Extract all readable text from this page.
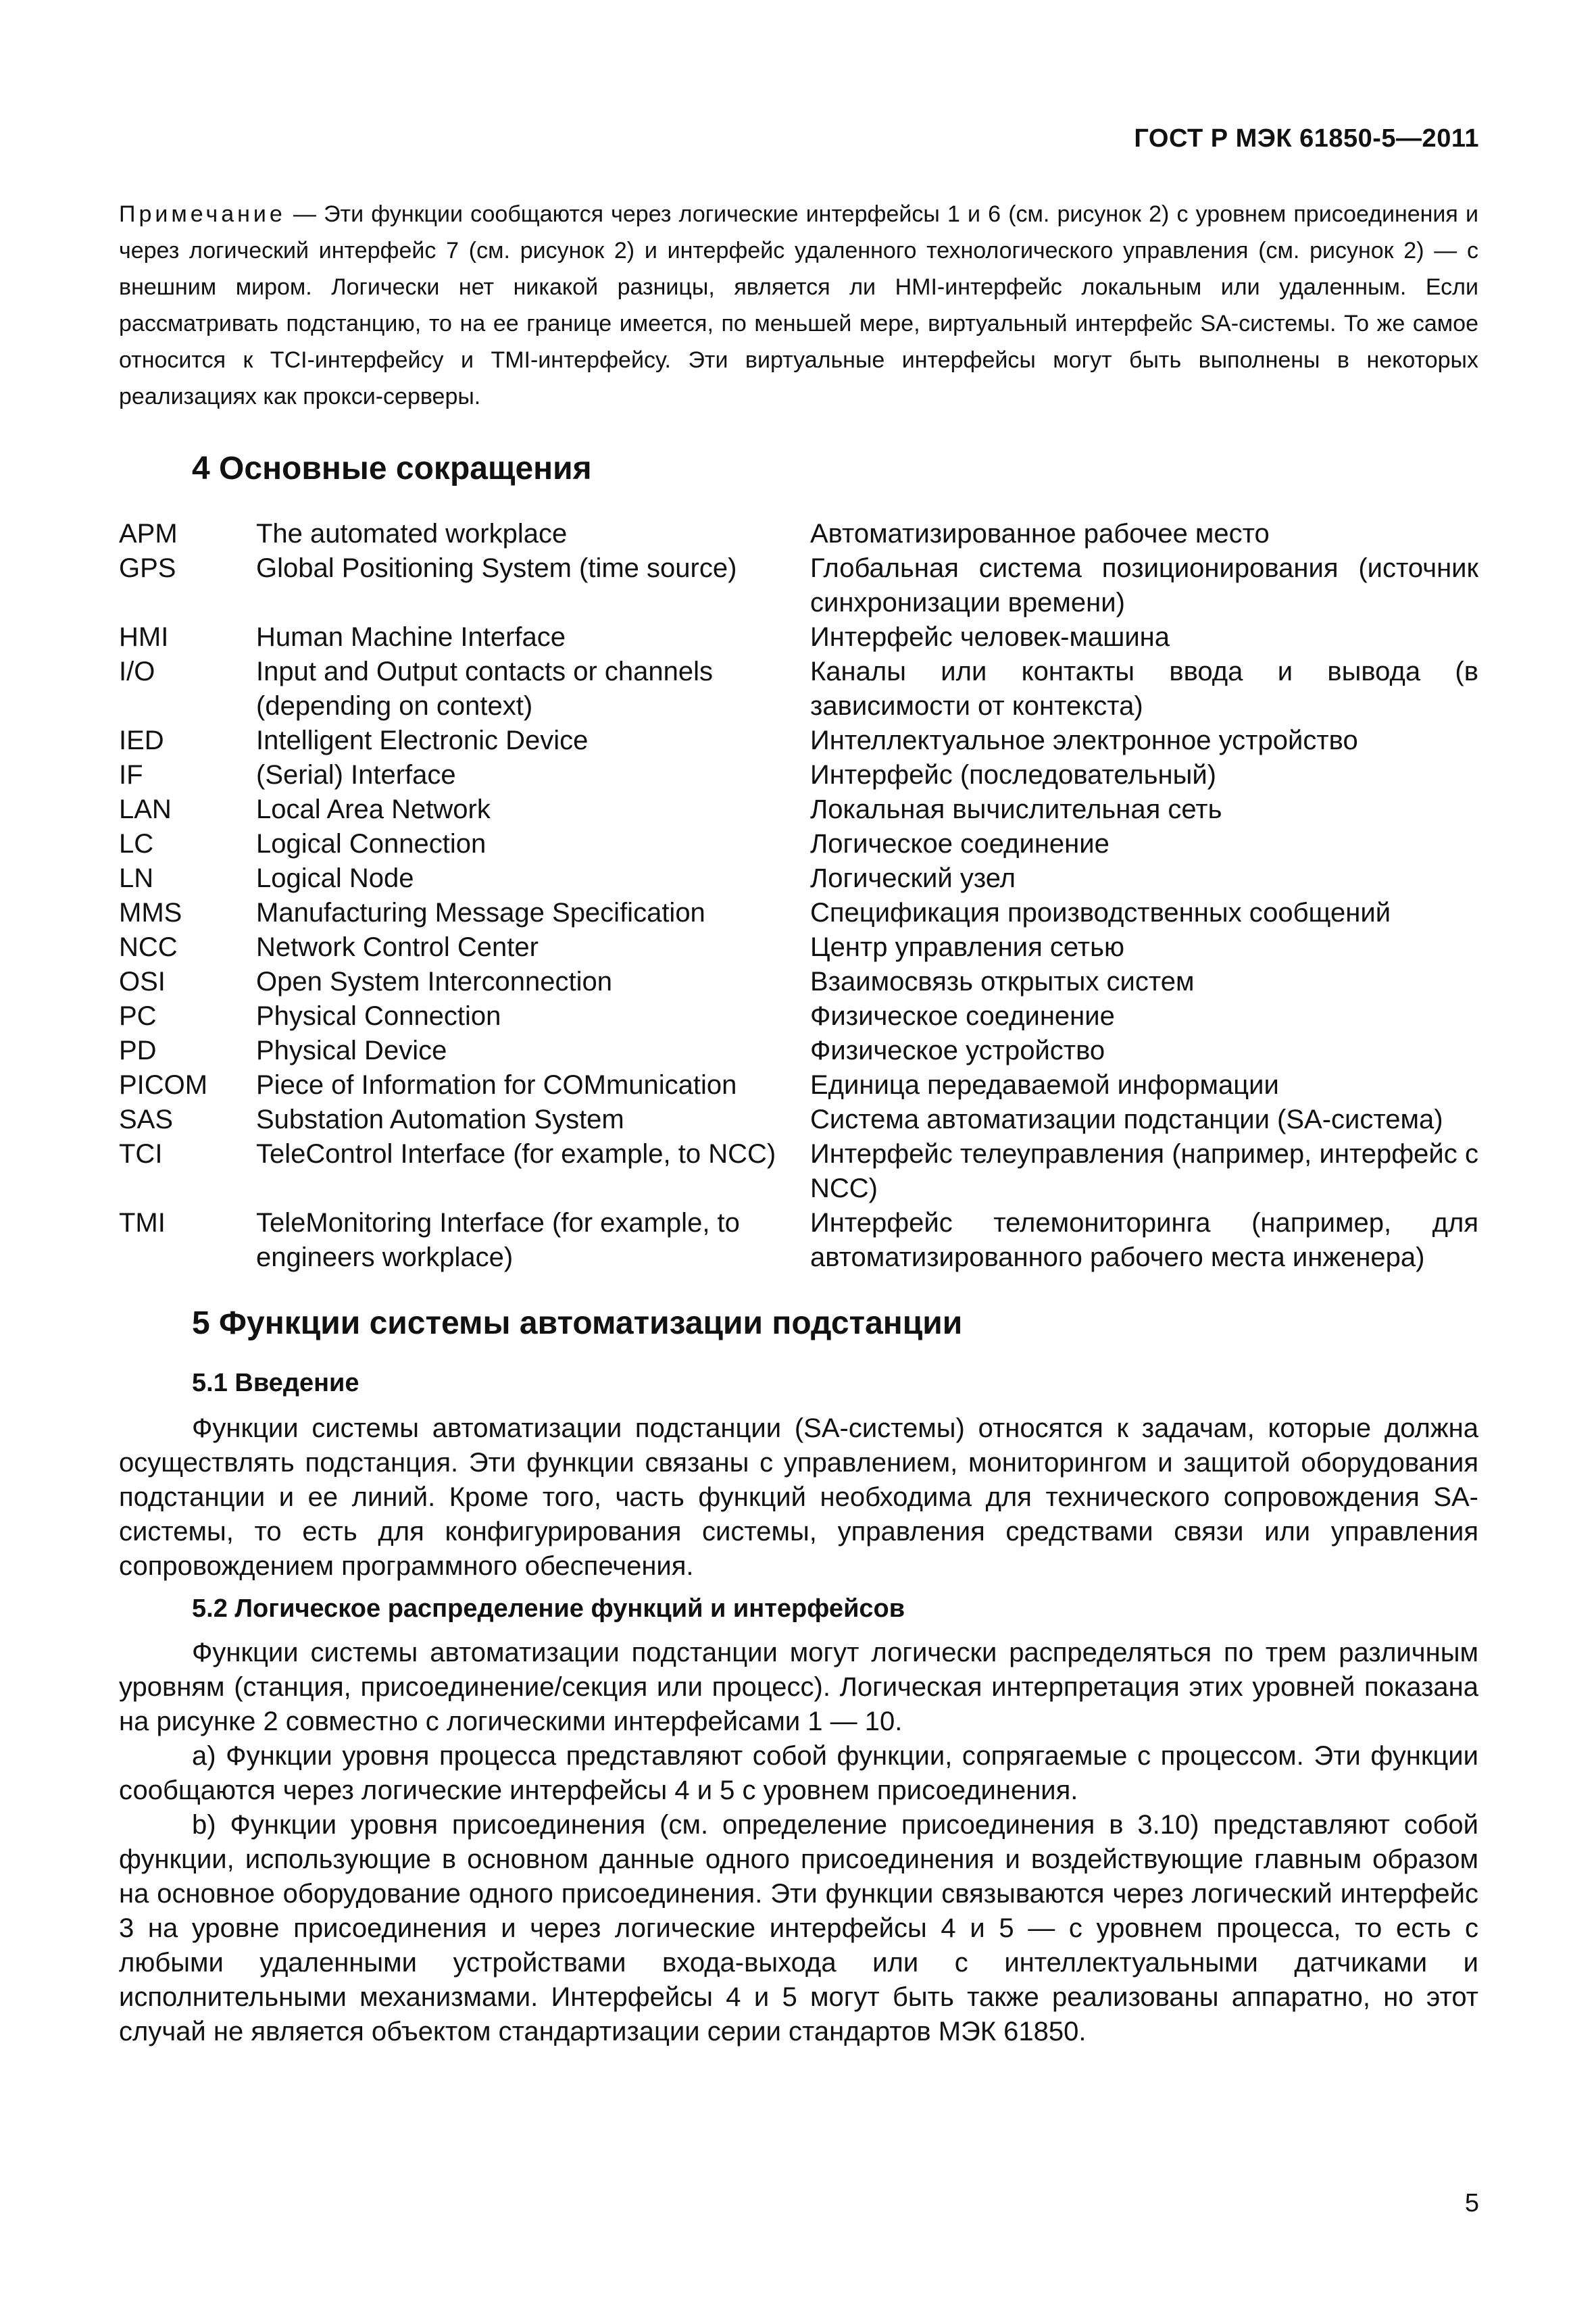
ГОСТ Р МЭК 61850-5—2011

Примечание — Эти функции сообщаются через логические интерфейсы 1 и 6 (см. рисунок 2) с уровнем присоединения и через логический интерфейс 7 (см. рисунок 2) и интерфейс удаленного технологического управления (см. рисунок 2) — с внешним миром. Логически нет никакой разницы, является ли HMI-интерфейс локальным или удаленным. Если рассматривать подстанцию, то на ее границе имеется, по меньшей мере, виртуальный интерфейс SA-системы. То же самое относится к TCI-интерфейсу и TMI-интерфейсу. Эти виртуальные интерфейсы могут быть выполнены в некоторых реализациях как прокси-серверы.

4 Основные сокращения
APM	The automated workplace	Автоматизированное рабочее место
GPS	Global Positioning System (time source)	Глобальная система позиционирования (источник синхронизации времени)
HMI	Human Machine Interface	Интерфейс человек-машина
I/O	Input and Output contacts or channels (depending on context)	Каналы или контакты ввода и вывода (в зависимости от контекста)
IED	Intelligent Electronic Device	Интеллектуальное электронное устройство
IF	(Serial) Interface	Интерфейс (последовательный)
LAN	Local Area Network	Локальная вычислительная сеть
LC	Logical Connection	Логическое соединение
LN	Logical Node	Логический узел
MMS	Manufacturing Message Specification	Спецификация производственных сообщений
NCC	Network Control Center	Центр управления сетью
OSI	Open System Interconnection	Взаимосвязь открытых систем
PC	Physical Connection	Физическое соединение
PD	Physical Device	Физическое устройство
PICOM	Piece of Information for COMmunication	Единица передаваемой информации
SAS	Substation Automation System	Система автоматизации подстанции (SA-система)
TCI	TeleControl Interface (for example, to NCC)	Интерфейс телеуправления (например, интерфейс с NCC)
TMI	TeleMonitoring Interface (for example, to engineers workplace)	Интерфейс телемониторинга (например, для автоматизированного рабочего места инженера)
5 Функции системы автоматизации подстанции
5.1 Введение

Функции системы автоматизации подстанции (SA-системы) относятся к задачам, которые должна осуществлять подстанция. Эти функции связаны с управлением, мониторингом и защитой оборудования подстанции и ее линий. Кроме того, часть функций необходима для технического сопровождения SA-системы, то есть для конфигурирования системы, управления средствами связи или управления сопровождением программного обеспечения.

5.2 Логическое распределение функций и интерфейсов

Функции системы автоматизации подстанции могут логически распределяться по трем различным уровням (станция, присоединение/секция или процесс). Логическая интерпретация этих уровней показана на рисунке 2 совместно с логическими интерфейсами 1 — 10.

a) Функции уровня процесса представляют собой функции, сопрягаемые с процессом. Эти функции сообщаются через логические интерфейсы 4 и 5 с уровнем присоединения.

b) Функции уровня присоединения (см. определение присоединения в 3.10) представляют собой функции, использующие в основном данные одного присоединения и воздействующие главным образом на основное оборудование одного присоединения. Эти функции связываются через логический интерфейс 3 на уровне присоединения и через логические интерфейсы 4 и 5 — с уровнем процесса, то есть с любыми удаленными устройствами входа-выхода или с интеллектуальными датчиками и исполнительными механизмами. Интерфейсы 4 и 5 могут быть также реализованы аппаратно, но этот случай не является объектом стандартизации серии стандартов МЭК 61850.

5
